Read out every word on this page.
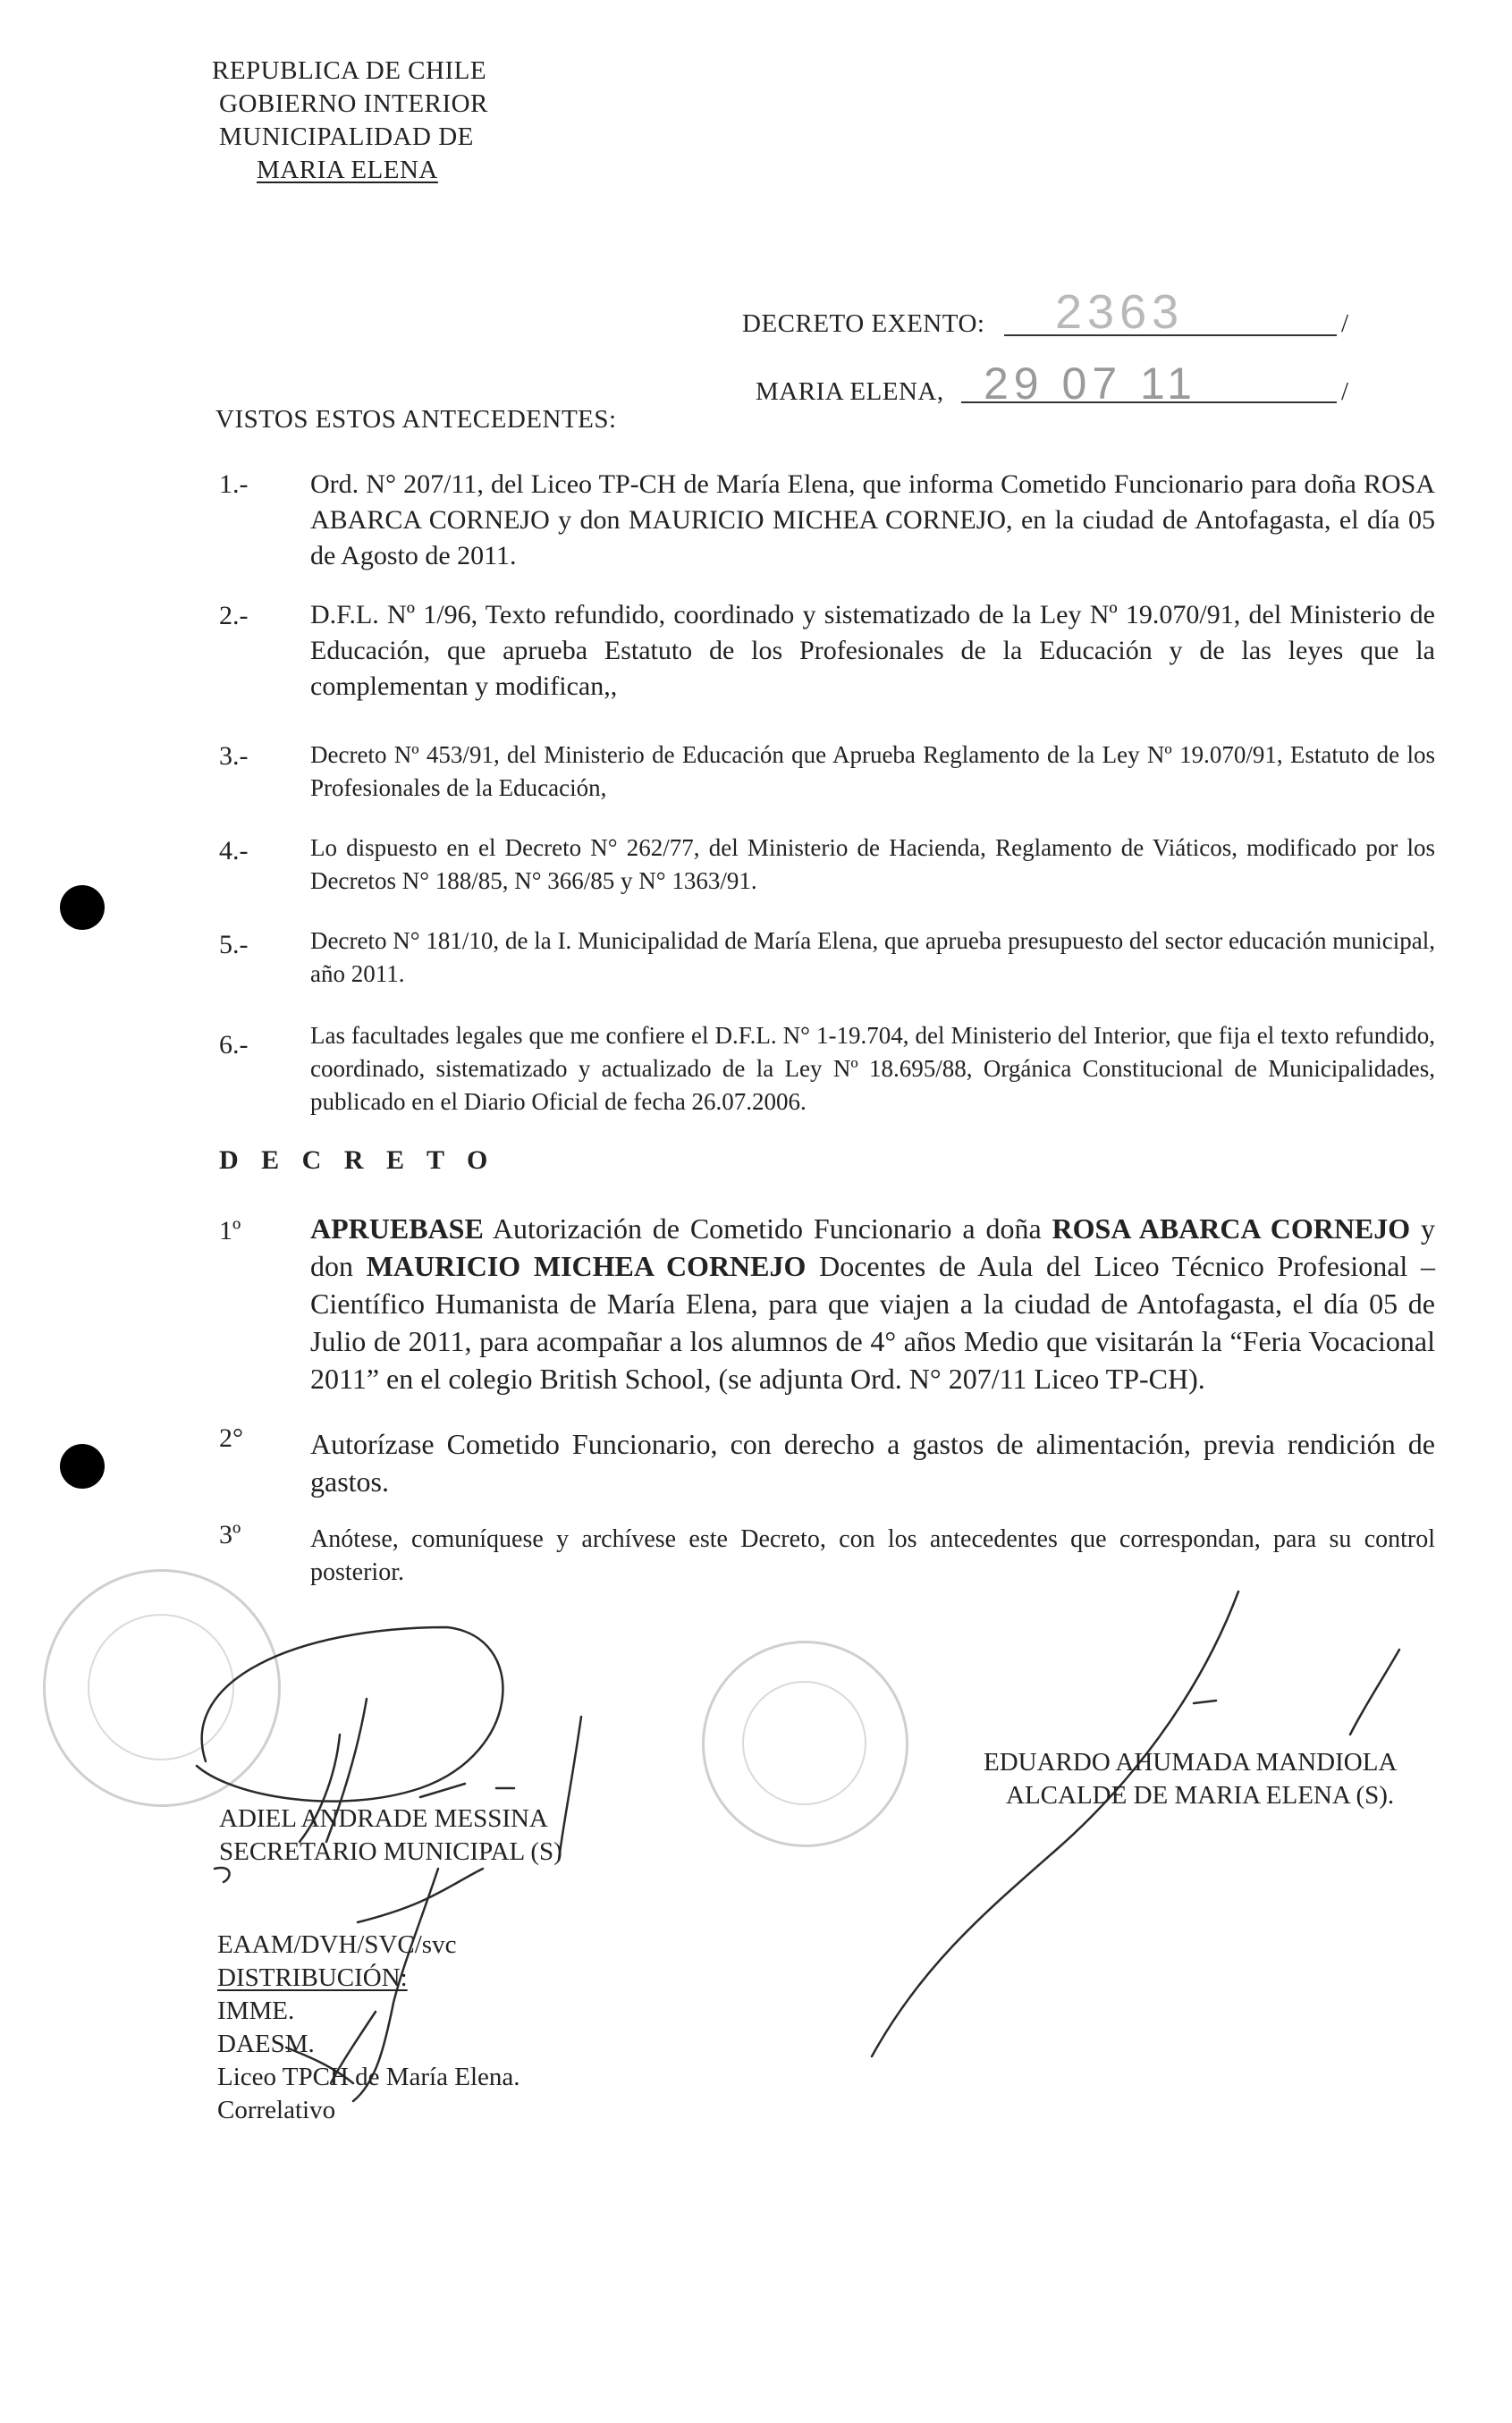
REPUBLICA DE CHILE
GOBIERNO INTERIOR
MUNICIPALIDAD DE
MARIA ELENA
DECRETO EXENTO: 2363	/
MARIA ELENA, 29 07 11	/
VISTOS ESTOS ANTECEDENTES:
1.- Ord. N° 207/11, del Liceo TP-CH de María Elena, que informa Cometido Funcionario para doña ROSA ABARCA CORNEJO y don MAURICIO MICHEA CORNEJO, en la ciudad de Antofagasta, el día 05 de Agosto de 2011.
2.- D.F.L. Nº 1/96, Texto refundido, coordinado y sistematizado de la Ley Nº 19.070/91, del Ministerio de Educación, que aprueba Estatuto de los Profesionales de la Educación y de las leyes que la complementan y modifican,,
3.-	Decreto Nº 453/91, del Ministerio de Educación que Aprueba Reglamento de la Ley Nº 19.070/91, Estatuto de los Profesionales de la Educación,
4.-	Lo dispuesto en el Decreto N° 262/77, del Ministerio de Hacienda, Reglamento de Viáticos, modificado por los Decretos N° 188/85, N° 366/85 y N° 1363/91.
5.-	Decreto N° 181/10, de la I. Municipalidad de María Elena, que aprueba presupuesto del sector educación municipal, año 2011.
6.-	Las facultades legales que me confiere el D.F.L. N° 1-19.704, del Ministerio del Interior, que fija el texto refundido, coordinado, sistematizado y actualizado de la Ley Nº 18.695/88, Orgánica Constitucional de Municipalidades, publicado en el Diario Oficial de fecha 26.07.2006.
D E C R E T O
1º APRUEBASE Autorización de Cometido Funcionario a doña ROSA ABARCA CORNEJO y don MAURICIO MICHEA CORNEJO Docentes de Aula del Liceo Técnico Profesional – Científico Humanista de María Elena, para que viajen a la ciudad de Antofagasta, el día 05 de Julio de 2011, para acompañar a los alumnos de 4° años Medio que visitarán la “Feria Vocacional 2011” en el colegio British School, (se adjunta Ord. N° 207/11 Liceo TP-CH).
2° Autorízase Cometido Funcionario, con derecho a gastos de alimentación, previa rendición de gastos.
3º	Anótese, comuníquese y archívese este Decreto, con los antecedentes que correspondan, para su control posterior.
ADIEL ANDRADE MESSINA
SECRETARIO MUNICIPAL (S)
EDUARDO AHUMADA MANDIOLA
ALCALDE DE MARIA ELENA (S).
EAAM/DVH/SVC/svc
DISTRIBUCIÓN:
IMME.
DAESM.
Liceo TPCH de María Elena.
Correlativo
